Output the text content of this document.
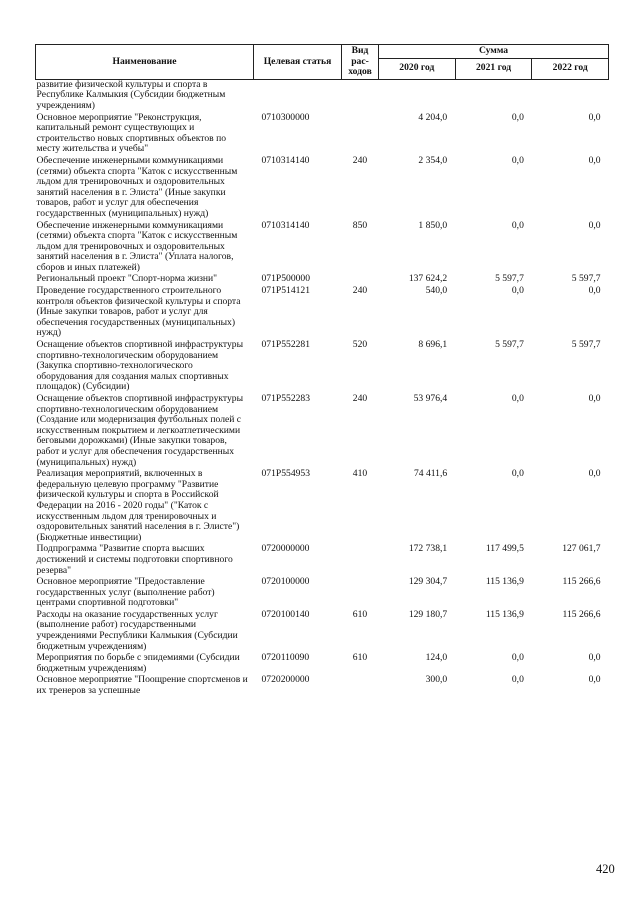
Наименование	Целевая статья	Вид рас-ходов	Сумма		
			2020 год	2021 год	2022 год
развитие физической культуры и спорта в Республике Калмыкия (Субсидии бюджетным учреждениям)					
Основное мероприятие "Реконструкция, капитальный ремонт существующих и строительство новых спортивных объектов по месту жительства и учебы"	0710300000		4 204,0	0,0	0,0
Обеспечение инженерными коммуникациями (сетями) объекта спорта "Каток с искусственным льдом для тренировочных и оздоровительных занятий населения в г. Элиста" (Иные закупки товаров, работ и услуг для обеспечения государственных (муниципальных) нужд)	0710314140	240	2 354,0	0,0	0,0
Обеспечение инженерными коммуникациями (сетями) объекта спорта "Каток с искусственным льдом для тренировочных и оздоровительных занятий населения в г. Элиста" (Уплата налогов, сборов и иных платежей)	0710314140	850	1 850,0	0,0	0,0
Региональный проект "Спорт-норма жизни"	071Р500000		137 624,2	5 597,7	5 597,7
Проведение государственного строительного контроля объектов физической культуры и спорта (Иные закупки товаров, работ и услуг для обеспечения государственных (муниципальных) нужд)	071Р514121	240	540,0	0,0	0,0
Оснащение объектов спортивной инфраструктуры спортивно-технологическим оборудованием (Закупка спортивно-технологического оборудования для создания малых спортивных площадок) (Субсидии)	071Р552281	520	8 696,1	5 597,7	5 597,7
Оснащение объектов спортивной инфраструктуры спортивно-технологическим оборудованием (Создание или модернизация футбольных полей с искусственным покрытием и легкоатлетическими беговыми дорожками) (Иные закупки товаров, работ и услуг для обеспечения государственных (муниципальных) нужд)	071Р552283	240	53 976,4	0,0	0,0
Реализация мероприятий, включенных в федеральную целевую программу "Развитие физической культуры и спорта в Российской Федерации на 2016 - 2020 годы" ("Каток с искусственным льдом для тренировочных и оздоровительных занятий населения в г. Элисте") (Бюджетные инвестиции)	071Р554953	410	74 411,6	0,0	0,0
Подпрограмма "Развитие спорта высших достижений и системы подготовки спортивного резерва"	0720000000		172 738,1	117 499,5	127 061,7
Основное мероприятие "Предоставление государственных услуг (выполнение работ) центрами спортивной подготовки"	0720100000		129 304,7	115 136,9	115 266,6
Расходы на оказание государственных услуг (выполнение работ) государственными учреждениями Республики Калмыкия (Субсидии бюджетным учреждениям)	0720100140	610	129 180,7	115 136,9	115 266,6
Мероприятия по борьбе с эпидемиями (Субсидии бюджетным учреждениям)	0720110090	610	124,0	0,0	0,0
Основное мероприятие "Поощрение спортсменов и их тренеров за успешные	0720200000		300,0	0,0	0,0
420
